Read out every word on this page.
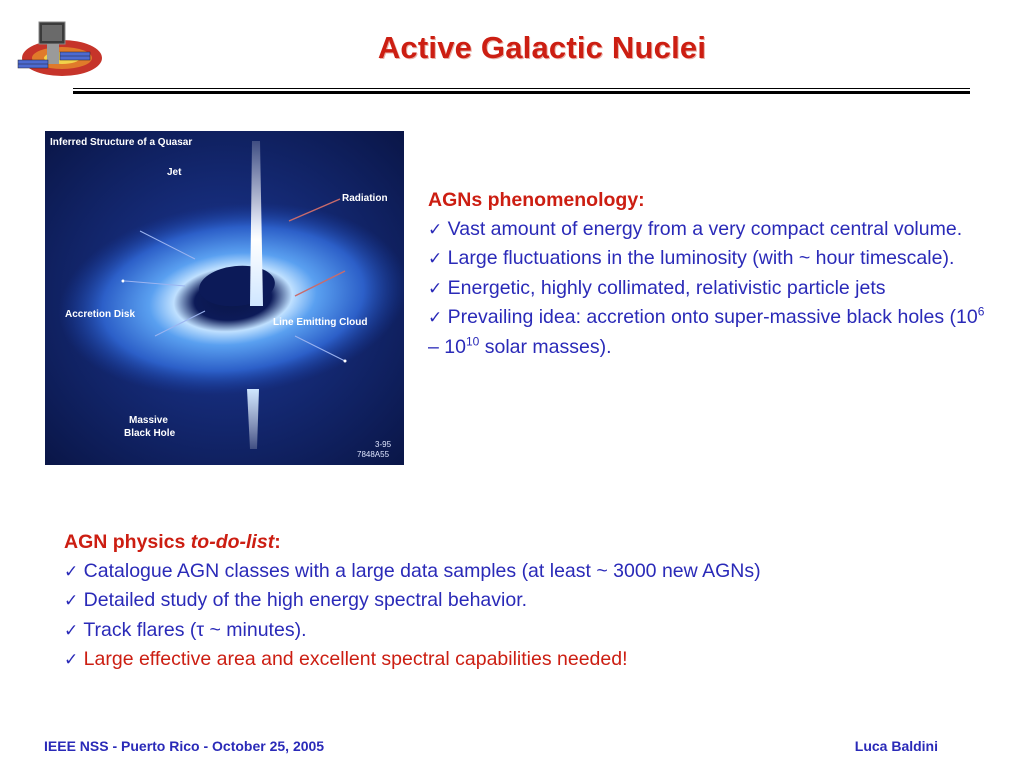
Active Galactic Nuclei
Inferred Structure of a Quasar
Jet
Radiation
Accretion Disk
Line Emitting Cloud
Massive
Black Hole
3-95
7848A55

AGNs phenomenology:

✓ Vast amount of energy from a very compact central volume.

✓ Large fluctuations in the luminosity (with ~ hour timescale).

✓ Energetic, highly collimated, relativistic particle jets

✓ Prevailing idea: accretion onto super-massive black holes ($10^6 - 10^{10}$ solar masses).

AGN physics to-do-list:

✓ Catalogue AGN classes with a large data samples (at least ~ 3000 new AGNs)

✓ Detailed study of the high energy spectral behavior.

✓ Track flares (τ ~ minutes).

✓ Large effective area and excellent spectral capabilities needed!

IEEE NSS - Puerto Rico - October 25, 2005	Luca Baldini
